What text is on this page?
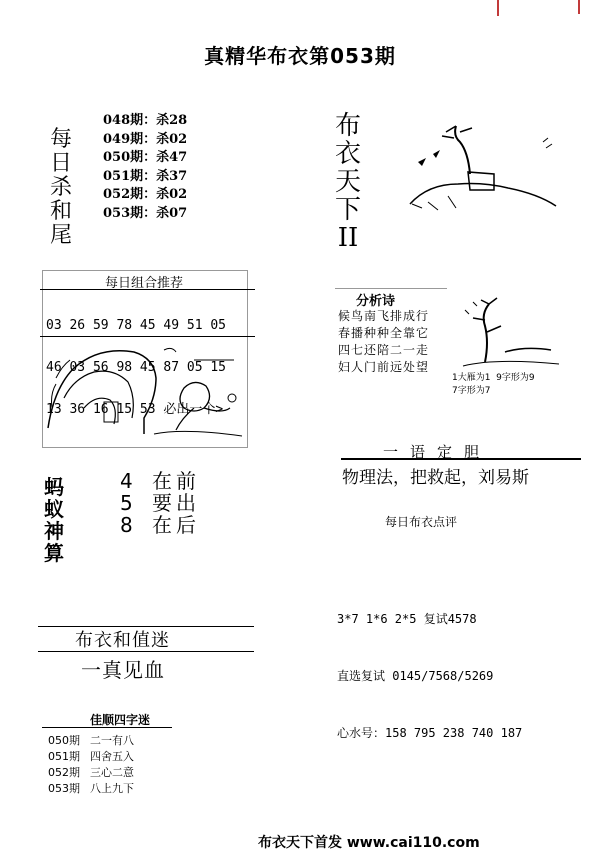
真精华布衣第053期
每
日
杀
和
尾
048期：杀28
049期：杀02
050期：杀47
051期：杀37
052期：杀02
053期：杀07
布
衣
天
下
II
每日组合推荐

03 26 59 78 45 49 51 05

46 03 56 98 45 87 05 15

13 36 16 15 53 必出一个>

蚂
蚁
神
算
4 在前
5 要出
8 在后
分析诗
候鸟南飞排成行
春播种种全靠它
四七还陪二一走
妇人门前远处望
1大雁为1  9字形为9
7字形为7
一语定胆
物理法，把救起，刘易斯
每日布衣点评

3*7 1*6 2*5 复试4578

直选复试 0145/7568/5269

心水号：158 795 238 740 187

布衣和值迷
一真见血
佳顺四字迷
050期 二一有八
051期 四舍五入
052期 三心二意
053期 八上九下
布衣天下首发 www.cai110.com
